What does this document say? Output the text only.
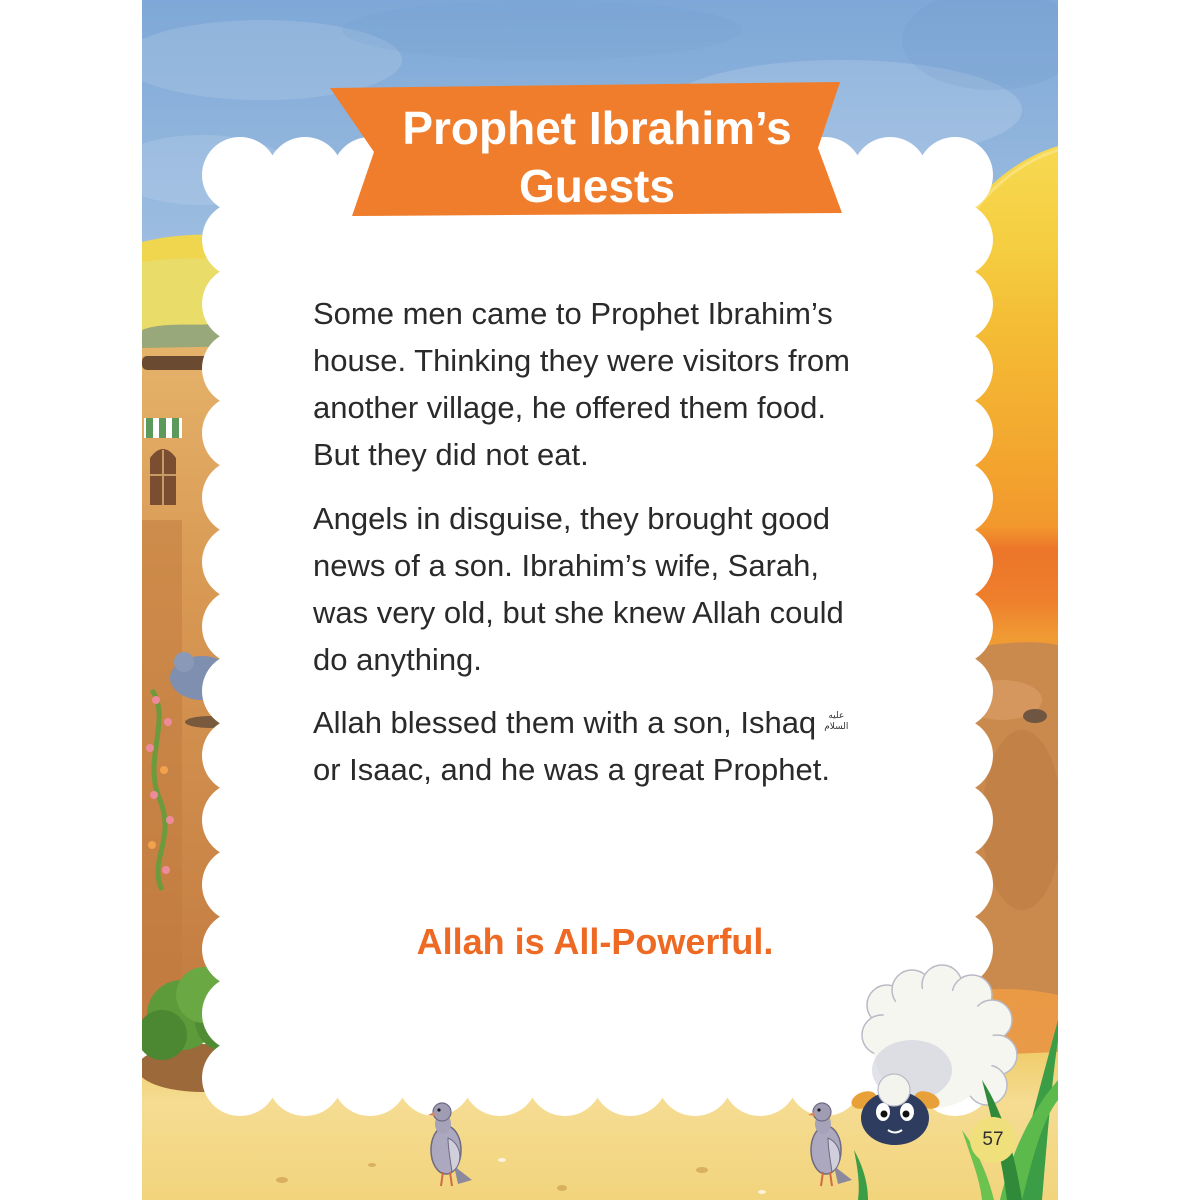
Prophet Ibrahim’s
Guests
Some men came to Prophet Ibrahim’s
house. Thinking they were visitors from
another village, he offered them food.
But they did not eat.
Angels in disguise, they brought good
news of a son. Ibrahim’s wife, Sarah,
was very old, but she knew Allah could
do anything.
Allah blessed them with a son, Ishaq عليه
السلام
or Isaac, and he was a great Prophet.
Allah is All-Powerful.
57
